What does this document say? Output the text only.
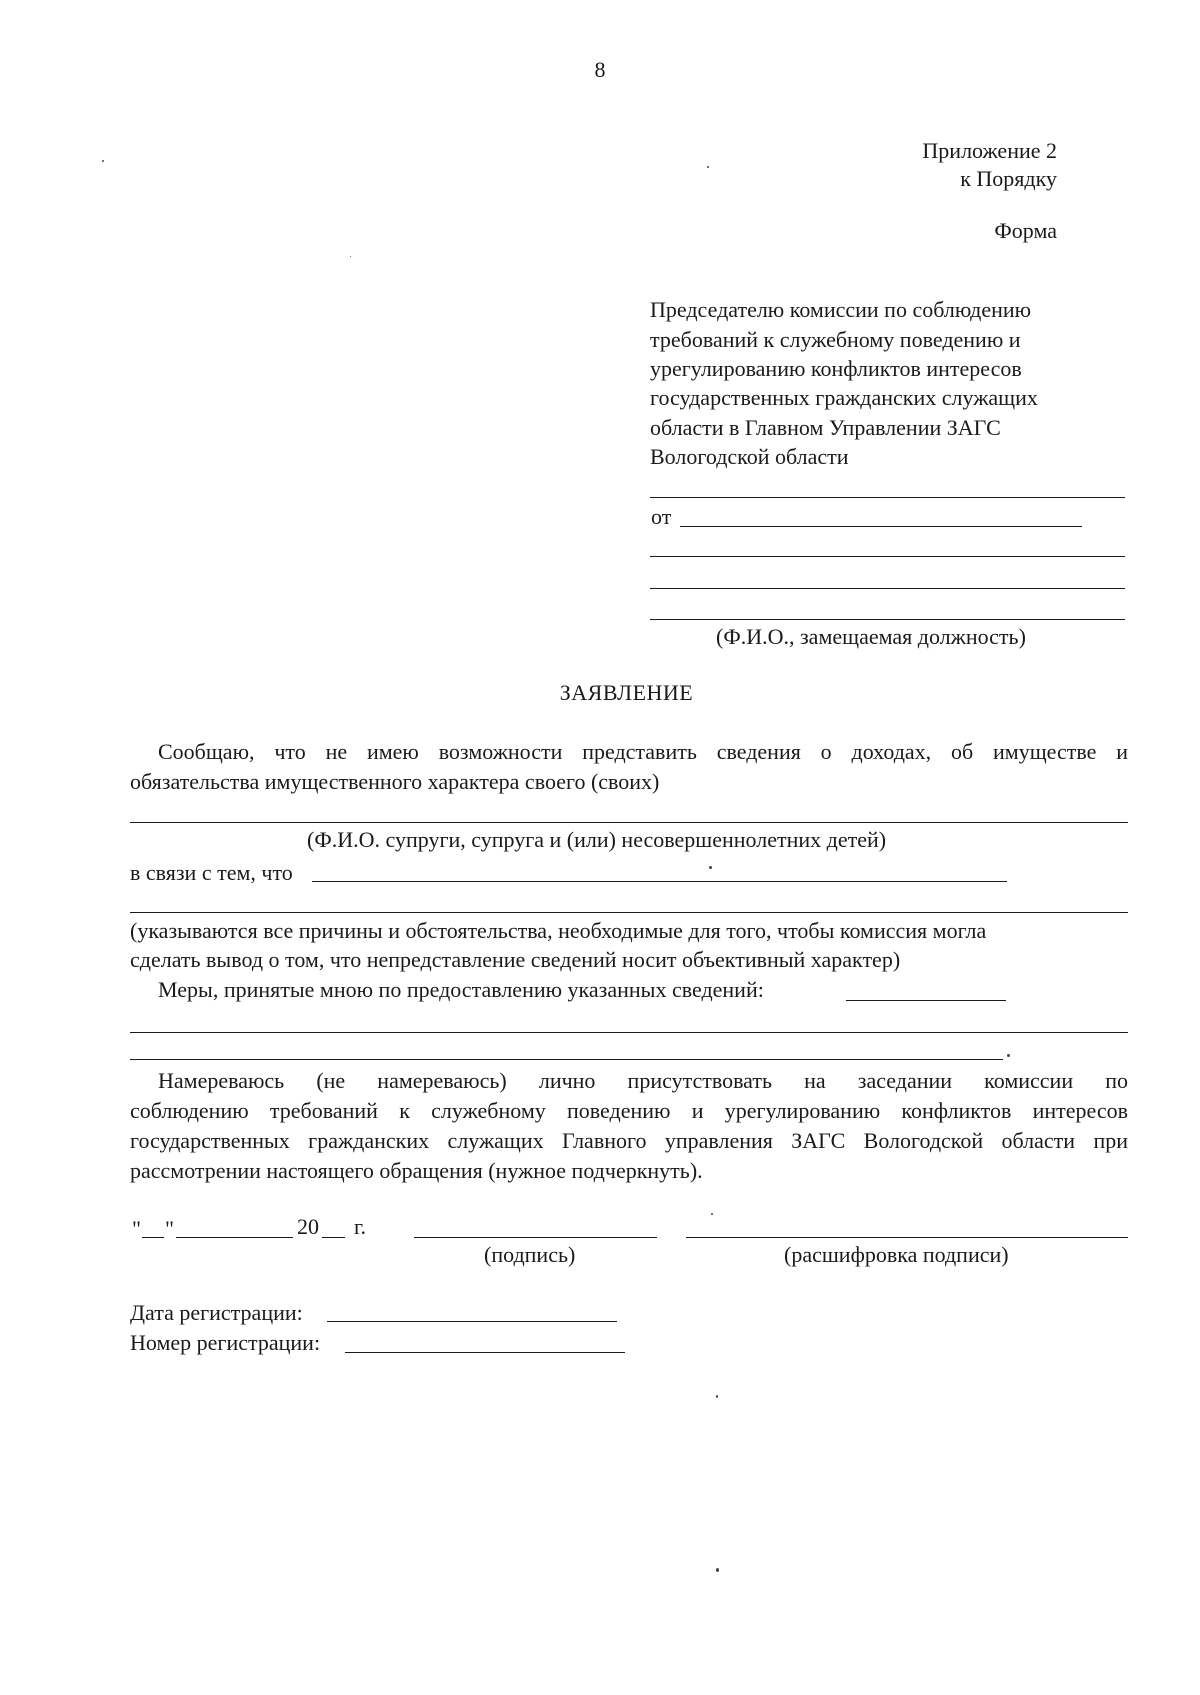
8
Приложение 2
к Порядку
Форма
Председателю комиссии по соблюдению
требований к служебному поведению и
урегулированию конфликтов интересов
государственных гражданских служащих
области в Главном Управлении ЗАГС
Вологодской области
от
(Ф.И.О., замещаемая должность)
ЗАЯВЛЕНИЕ
Сообщаю, что не имею возможности представить сведения о доходах, об имуществе и
обязательства имущественного характера своего (своих)
(Ф.И.О. супруги, супруга и (или) несовершеннолетних детей)
в связи с тем, что
(указываются все причины и обстоятельства, необходимые для того, чтобы комиссия могла
сделать вывод о том, что непредставление сведений носит объективный характер)
Меры, принятые мною по предоставлению указанных сведений:
Намереваюсь (не намереваюсь) лично присутствовать на заседании комиссии по
соблюдению требований к служебному поведению и урегулированию конфликтов интересов
государственных гражданских служащих Главного управления ЗАГС Вологодской области при
рассмотрении настоящего обращения (нужное подчеркнуть).
" "	20 г.
(подпись)	(расшифровка подписи)
Дата регистрации:
Номер регистрации:
